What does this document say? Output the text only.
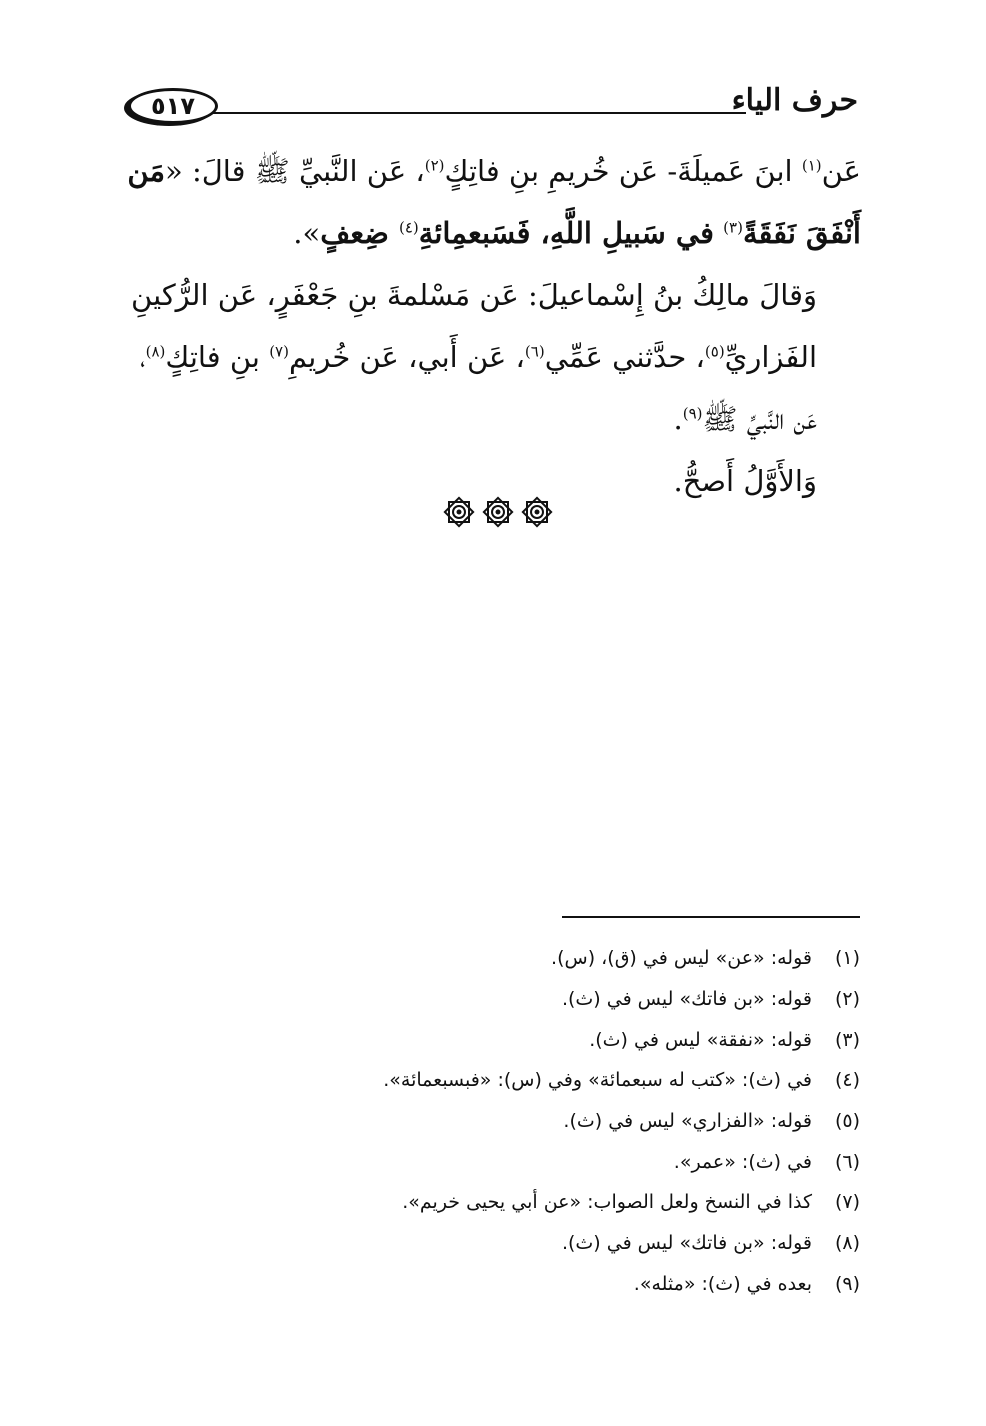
حرف الياء
٥١٧

عَن$^{(١)}$ ابنَ عَميلَةَ- عَن خُريمِ بنِ فاتِكٍ$^{(٢)}$، عَن النَّبيِّ ﷺ قالَ: «مَن أَنْفَقَ نَفَقَةً$^{(٣)}$ في سَبيلِ اللَّهِ، فَسَبعمِائةِ$^{(٤)}$ ضِعفٍ».

وَقالَ مالِكُ بنُ إِسْماعيلَ: عَن مَسْلمةَ بنِ جَعْفَرٍ، عَن الرُّكينِ الفَزاريِّ$^{(٥)}$، حدَّثني عَمِّي$^{(٦)}$، عَن أَبي، عَن خُريمِ$^{(٧)}$ بنِ فاتِكٍ$^{(٨)}$، عَن النَّبيِّ ﷺ$^{(٩)}$.

وَالأَوَّلُ أَصحُّ.

(١)
قوله: «عن» ليس في (ق)، (س).
(٢)
قوله: «بن فاتك» ليس في (ث).
(٣)
قوله: «نفقة» ليس في (ث).
(٤)
في (ث): «كتب له سبعمائة» وفي (س): «فبسبعمائة».
(٥)
قوله: «الفزاري» ليس في (ث).
(٦)
في (ث): «عمر».
(٧)
كذا في النسخ ولعل الصواب: «عن أبي يحيى خريم».
(٨)
قوله: «بن فاتك» ليس في (ث).
(٩)
بعده في (ث): «مثله».
